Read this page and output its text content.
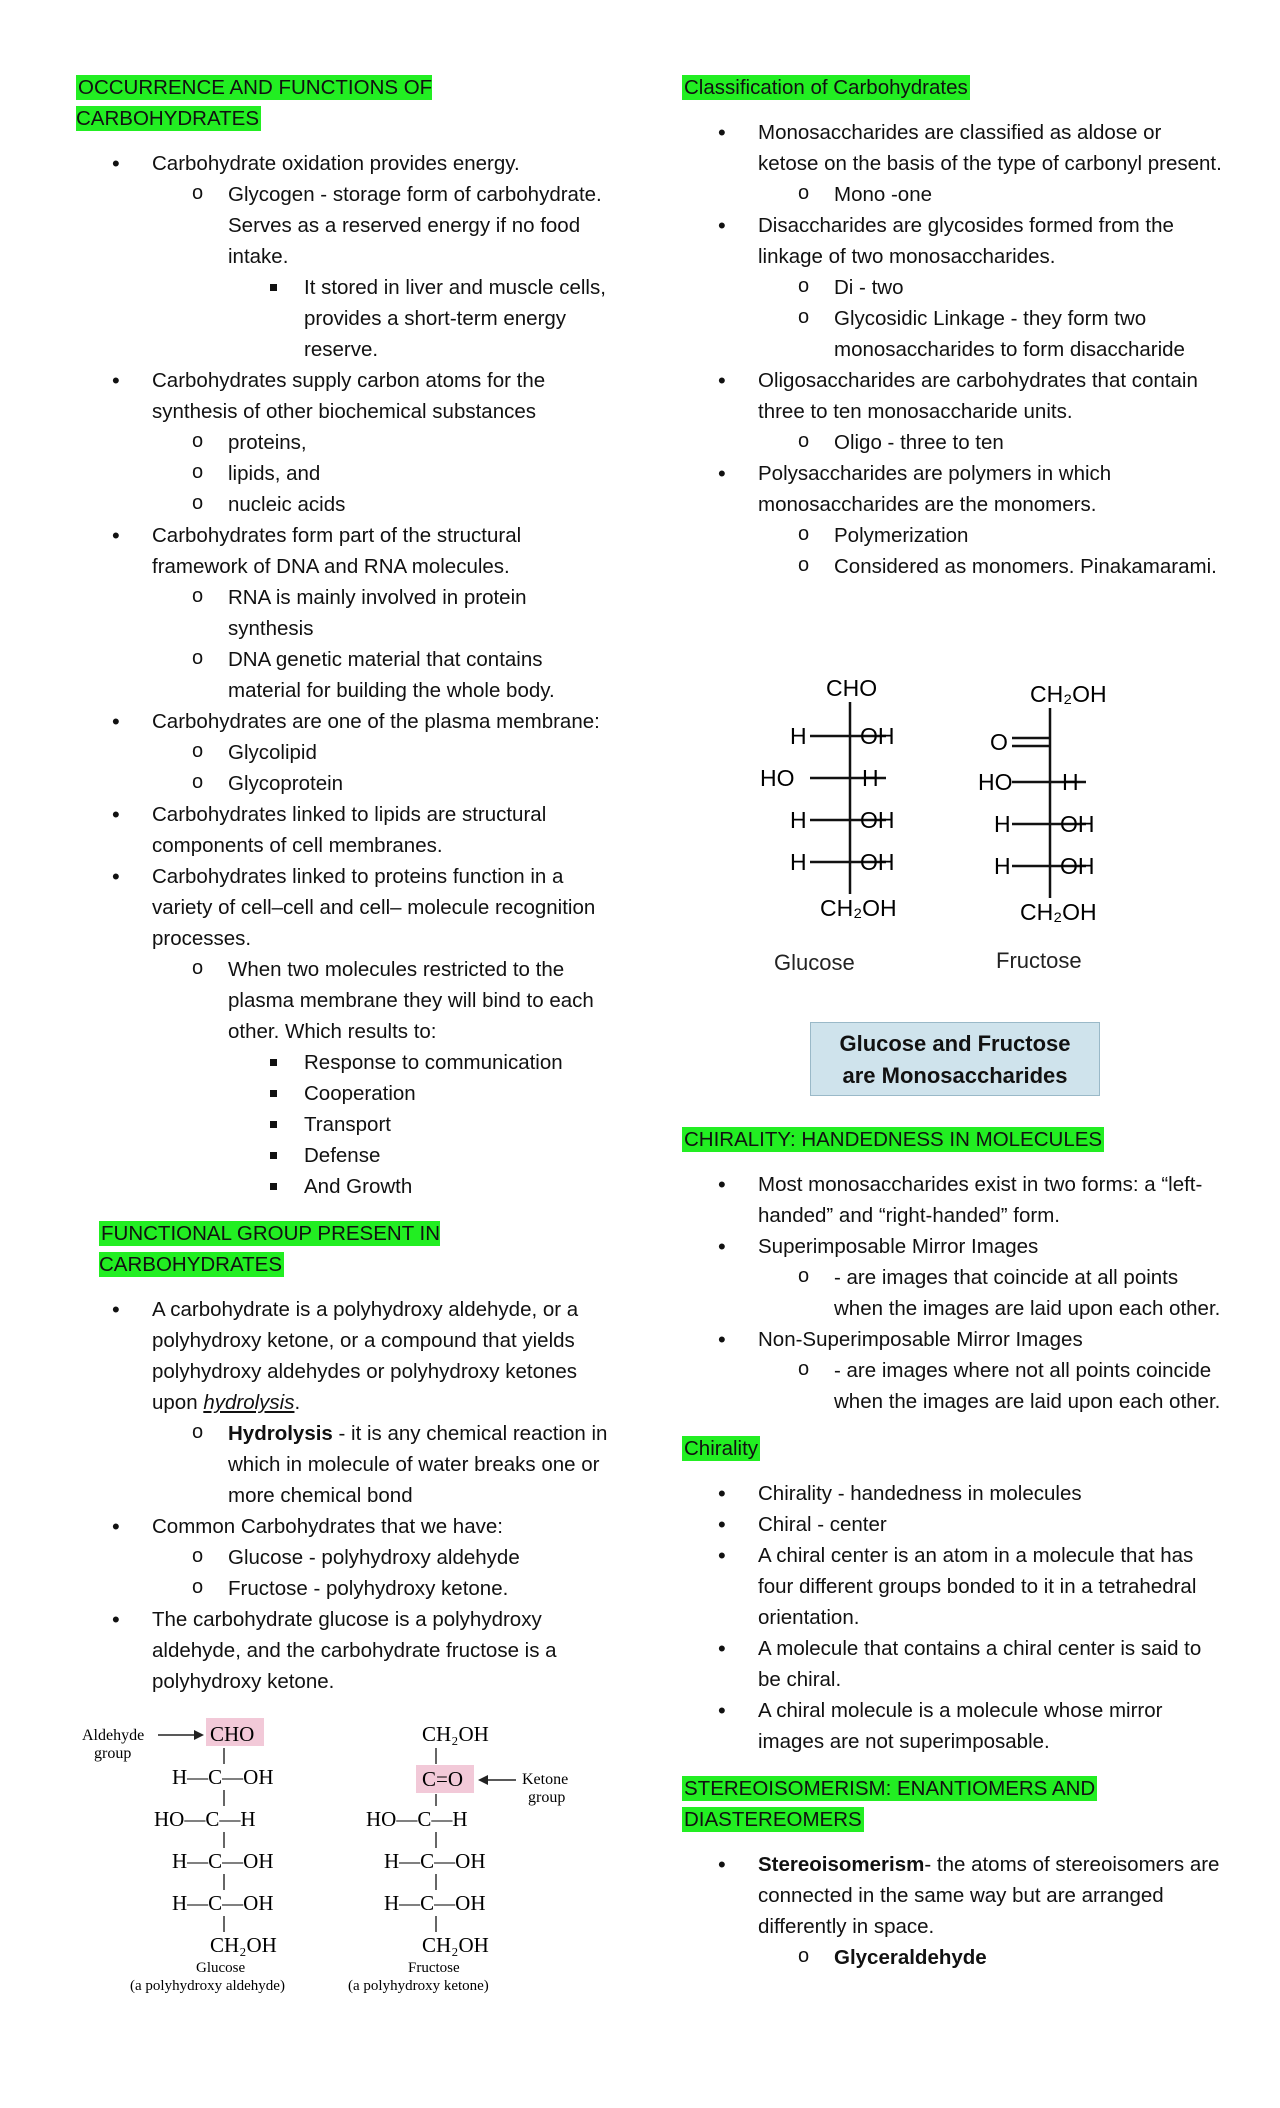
OCCURRENCE AND FUNCTIONS OF CARBOHYDRATES
• Carbohydrate oxidation provides energy.
o Glycogen - storage form of carbohydrate. Serves as a reserved energy if no food intake.
It stored in liver and muscle cells, provides a short-term energy reserve.
• Carbohydrates supply carbon atoms for the synthesis of other biochemical substances
o proteins,
o lipids, and
o nucleic acids
• Carbohydrates form part of the structural framework of DNA and RNA molecules.
o RNA is mainly involved in protein synthesis
o DNA genetic material that contains material for building the whole body.
• Carbohydrates are one of the plasma membrane:
o Glycolipid
o Glycoprotein
• Carbohydrates linked to lipids are structural components of cell membranes.
• Carbohydrates linked to proteins function in a variety of cell–cell and cell– molecule recognition processes.
o When two molecules restricted to the plasma membrane they will bind to each other. Which results to:
Response to communication
Cooperation
Transport
Defense
And Growth
FUNCTIONAL GROUP PRESENT IN CARBOHYDRATES
• A carbohydrate is a polyhydroxy aldehyde, or a polyhydroxy ketone, or a compound that yields polyhydroxy aldehydes or polyhydroxy ketones upon hydrolysis.
o Hydrolysis - it is any chemical reaction in which in molecule of water breaks one or more chemical bond
• Common Carbohydrates that we have:
o Glucose - polyhydroxy aldehyde
o Fructose - polyhydroxy ketone.
• The carbohydrate glucose is a polyhydroxy aldehyde, and the carbohydrate fructose is a polyhydroxy ketone.
Aldehyde
group
CHO
H—C—OH
HO—C—H
H—C—OH
H—C—OH
CH₂OH
Glucose
(a polyhydroxy aldehyde)
CH₂OH
C=O	Ketone
group
HO—C—H
H—C—OH
H—C—OH
CH₂OH
Fructose
(a polyhydroxy ketone)
Classification of Carbohydrates
• Monosaccharides are classified as aldose or ketose on the basis of the type of carbonyl present.
o Mono -one
• Disaccharides are glycosides formed from the linkage of two monosaccharides.
o Di - two
o Glycosidic Linkage - they form two monosaccharides to form disaccharide
• Oligosaccharides are carbohydrates that contain three to ten monosaccharide units.
o Oligo - three to ten
• Polysaccharides are polymers in which monosaccharides are the monomers.
o Polymerization
o Considered as monomers. Pinakamarami.
CHO
H OH
HO	H
H OH
H OH
CH₂OH
Glucose
CH₂OH
O
HO H
H OH
H OH
CH₂OH
Fructose
Glucose and Fructose
are Monosaccharides
CHIRALITY: HANDEDNESS IN MOLECULES
• Most monosaccharides exist in two forms: a “left-handed” and “right-handed” form.
• Superimposable Mirror Images
o - are images that coincide at all points when the images are laid upon each other.
• Non-Superimposable Mirror Images
o - are images where not all points coincide when the images are laid upon each other.
Chirality
• Chirality - handedness in molecules
• Chiral - center
• A chiral center is an atom in a molecule that has four different groups bonded to it in a tetrahedral orientation.
• A molecule that contains a chiral center is said to be chiral.
• A chiral molecule is a molecule whose mirror images are not superimposable.
STEREOISOMERISM: ENANTIOMERS AND
DIASTEREOMERS
• Stereoisomerism- the atoms of stereoisomers are connected in the same way but are arranged differently in space.
o Glyceraldehyde
